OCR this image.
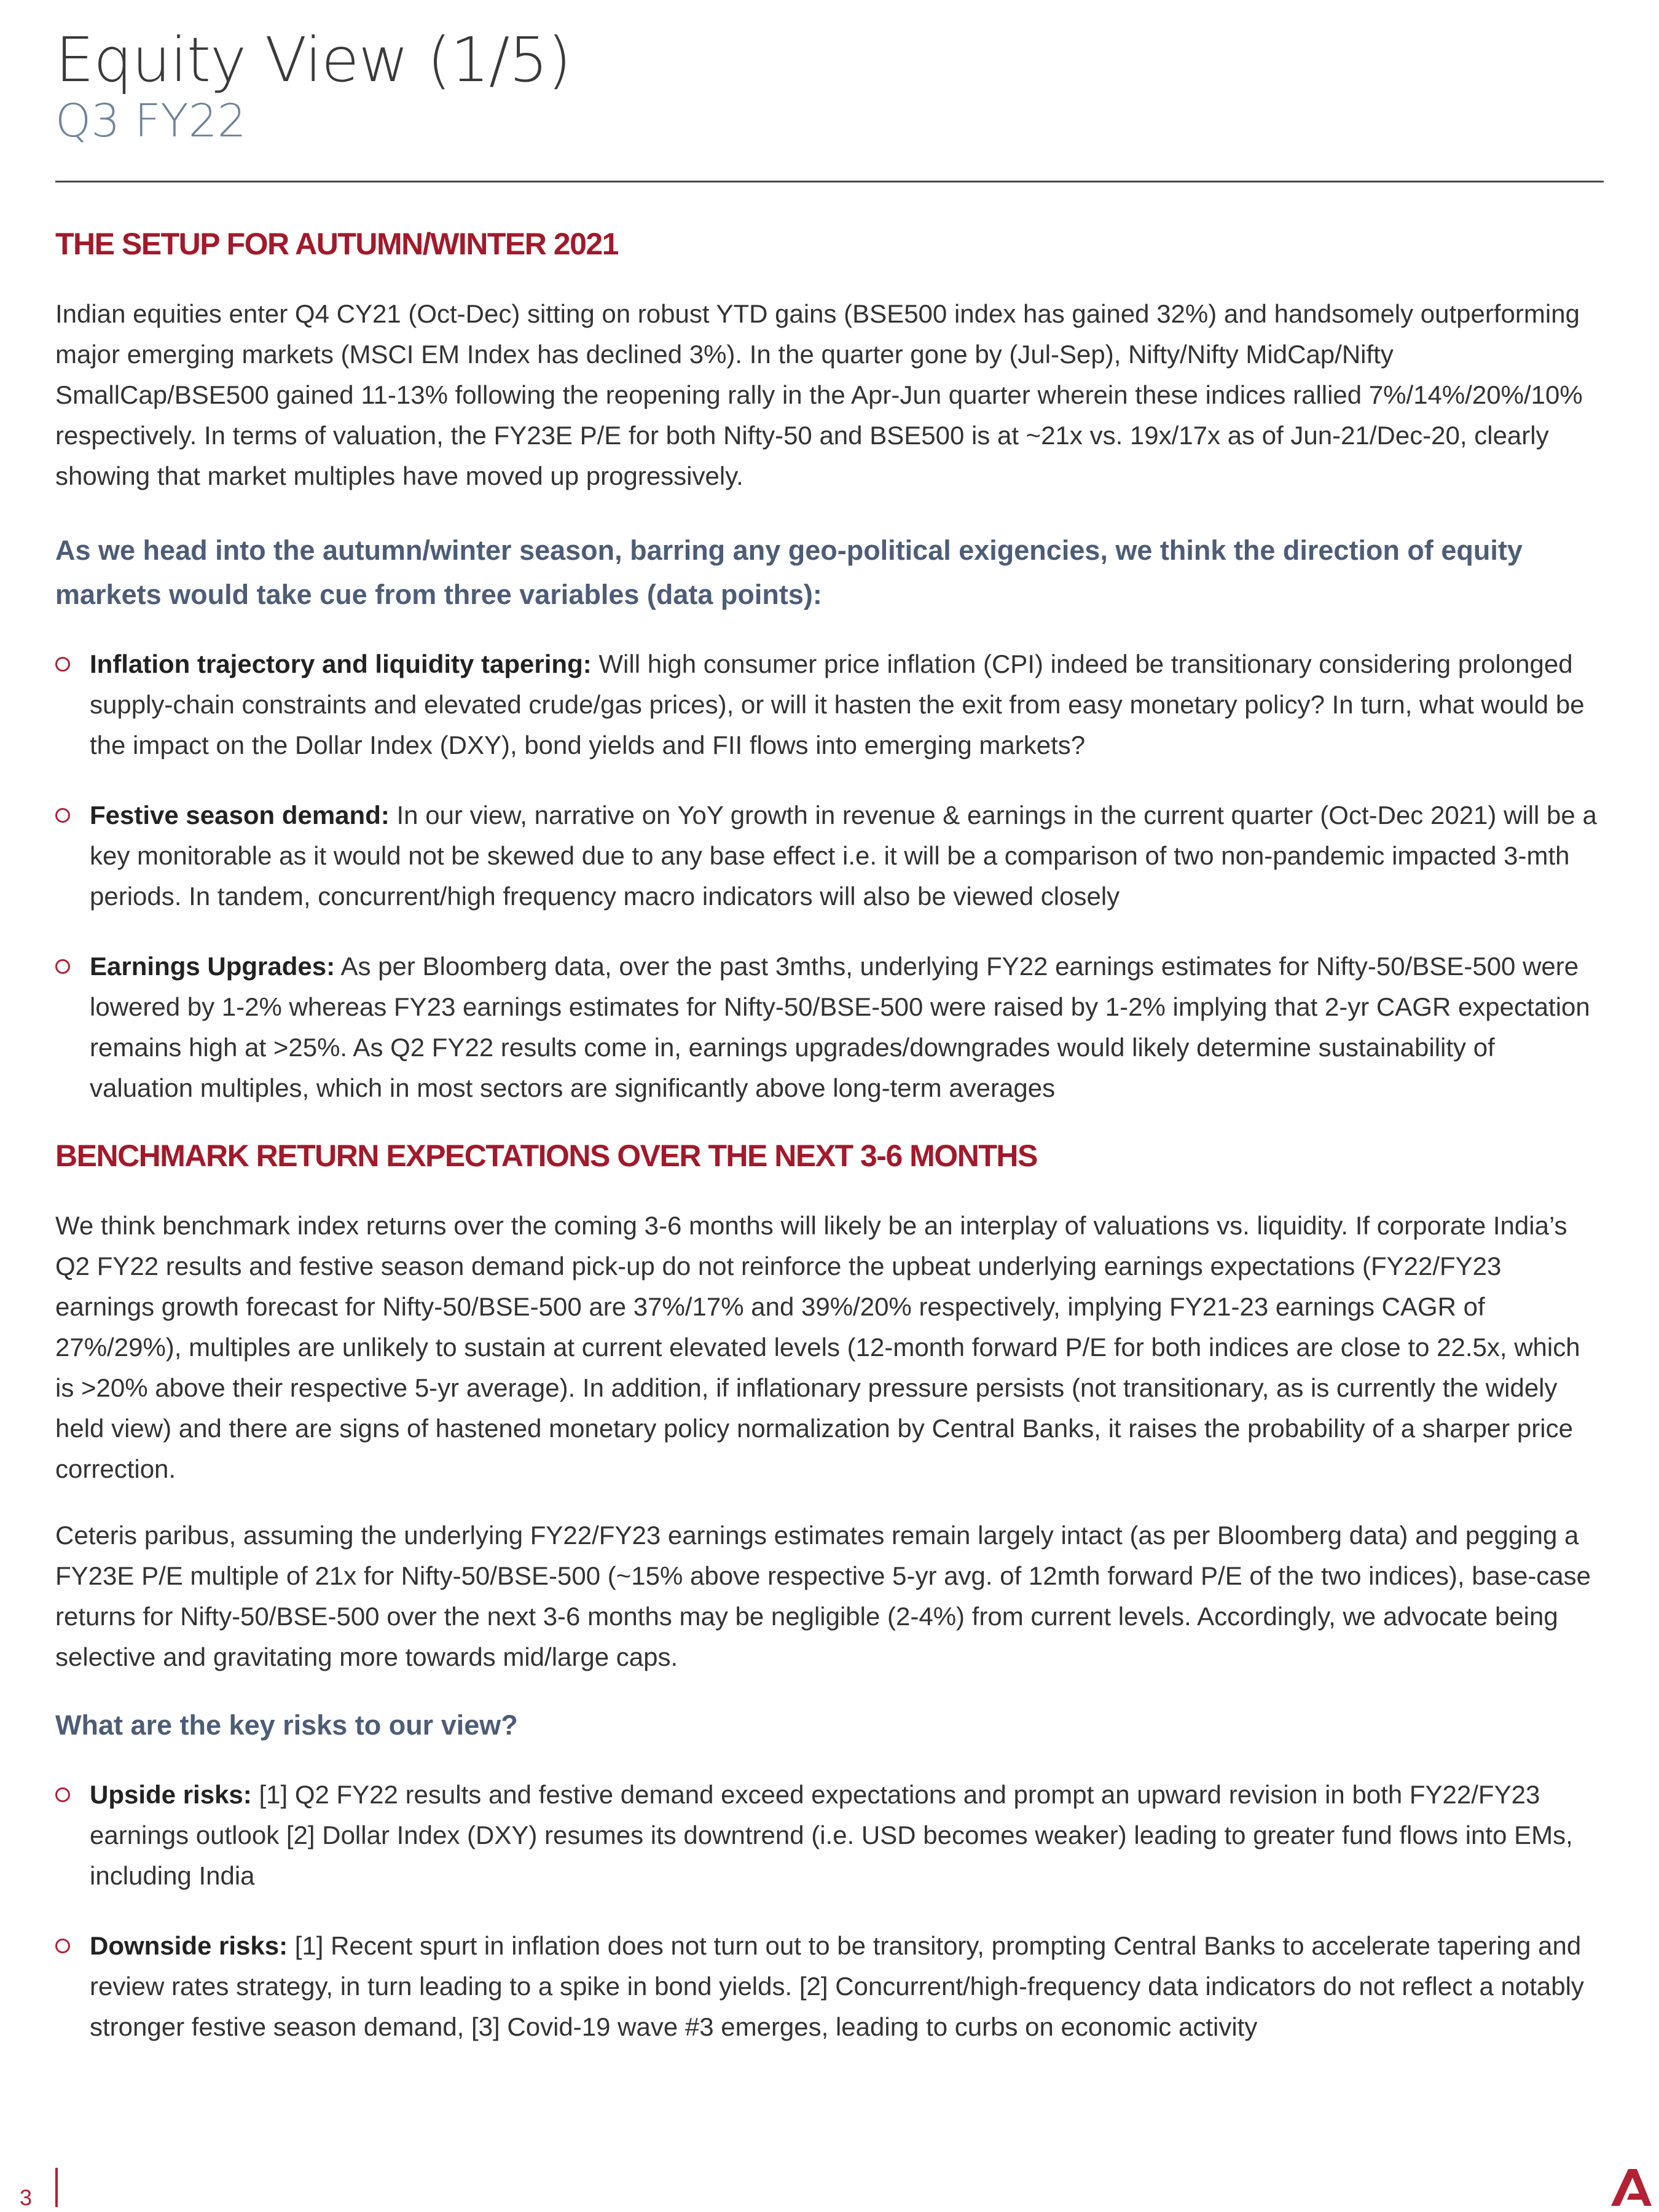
Equity View (1/5)
Q3 FY22
THE SETUP FOR AUTUMN/WINTER 2021

Indian equities enter Q4 CY21 (Oct-Dec) sitting on robust YTD gains (BSE500 index has gained 32%) and handsomely outperforming major emerging markets (MSCI EM Index has declined 3%). In the quarter gone by (Jul-Sep), Nifty/Nifty MidCap/Nifty SmallCap/BSE500 gained 11-13% following the reopening rally in the Apr-Jun quarter wherein these indices rallied 7%/14%/20%/10% respectively. In terms of valuation, the FY23E P/E for both Nifty-50 and BSE500 is at ~21x vs. 19x/17x as of Jun-21/Dec-20, clearly showing that market multiples have moved up progressively.

As we head into the autumn/winter season, barring any geo-political exigencies, we think the direction of equity markets would take cue from three variables (data points):

Inflation trajectory and liquidity tapering: Will high consumer price inflation (CPI) indeed be transitionary considering prolonged supply-chain constraints and elevated crude/gas prices), or will it hasten the exit from easy monetary policy? In turn, what would be the impact on the Dollar Index (DXY), bond yields and FII flows into emerging markets?
Festive season demand: In our view, narrative on YoY growth in revenue & earnings in the current quarter (Oct-Dec 2021) will be a key monitorable as it would not be skewed due to any base effect i.e. it will be a comparison of two non-pandemic impacted 3-mth periods. In tandem, concurrent/high frequency macro indicators will also be viewed closely
Earnings Upgrades: As per Bloomberg data, over the past 3mths, underlying FY22 earnings estimates for Nifty-50/BSE-500 were lowered by 1-2% whereas FY23 earnings estimates for Nifty-50/BSE-500 were raised by 1-2% implying that 2-yr CAGR expectation remains high at >25%. As Q2 FY22 results come in, earnings upgrades/downgrades would likely determine sustainability of valuation multiples, which in most sectors are significantly above long-term averages
BENCHMARK RETURN EXPECTATIONS OVER THE NEXT 3-6 MONTHS

We think benchmark index returns over the coming 3-6 months will likely be an interplay of valuations vs. liquidity. If corporate India’s Q2 FY22 results and festive season demand pick-up do not reinforce the upbeat underlying earnings expectations (FY22/FY23 earnings growth forecast for Nifty-50/BSE-500 are 37%/17% and 39%/20% respectively, implying FY21-23 earnings CAGR of 27%/29%), multiples are unlikely to sustain at current elevated levels (12-month forward P/E for both indices are close to 22.5x, which is >20% above their respective 5-yr average). In addition, if inflationary pressure persists (not transitionary, as is currently the widely held view) and there are signs of hastened monetary policy normalization by Central Banks, it raises the probability of a sharper price correction.

Ceteris paribus, assuming the underlying FY22/FY23 earnings estimates remain largely intact (as per Bloomberg data) and pegging a FY23E P/E multiple of 21x for Nifty-50/BSE-500 (~15% above respective 5-yr avg. of 12mth forward P/E of the two indices), base-case returns for Nifty-50/BSE-500 over the next 3-6 months may be negligible (2-4%) from current levels. Accordingly, we advocate being selective and gravitating more towards mid/large caps.

What are the key risks to our view?

Upside risks: [1] Q2 FY22 results and festive demand exceed expectations and prompt an upward revision in both FY22/FY23 earnings outlook [2] Dollar Index (DXY) resumes its downtrend (i.e. USD becomes weaker) leading to greater fund flows into EMs, including India
Downside risks: [1] Recent spurt in inflation does not turn out to be transitory, prompting Central Banks to accelerate tapering and review rates strategy, in turn leading to a spike in bond yields. [2] Concurrent/high-frequency data indicators do not reflect a notably stronger festive season demand, [3] Covid-19 wave #3 emerges, leading to curbs on economic activity
3
